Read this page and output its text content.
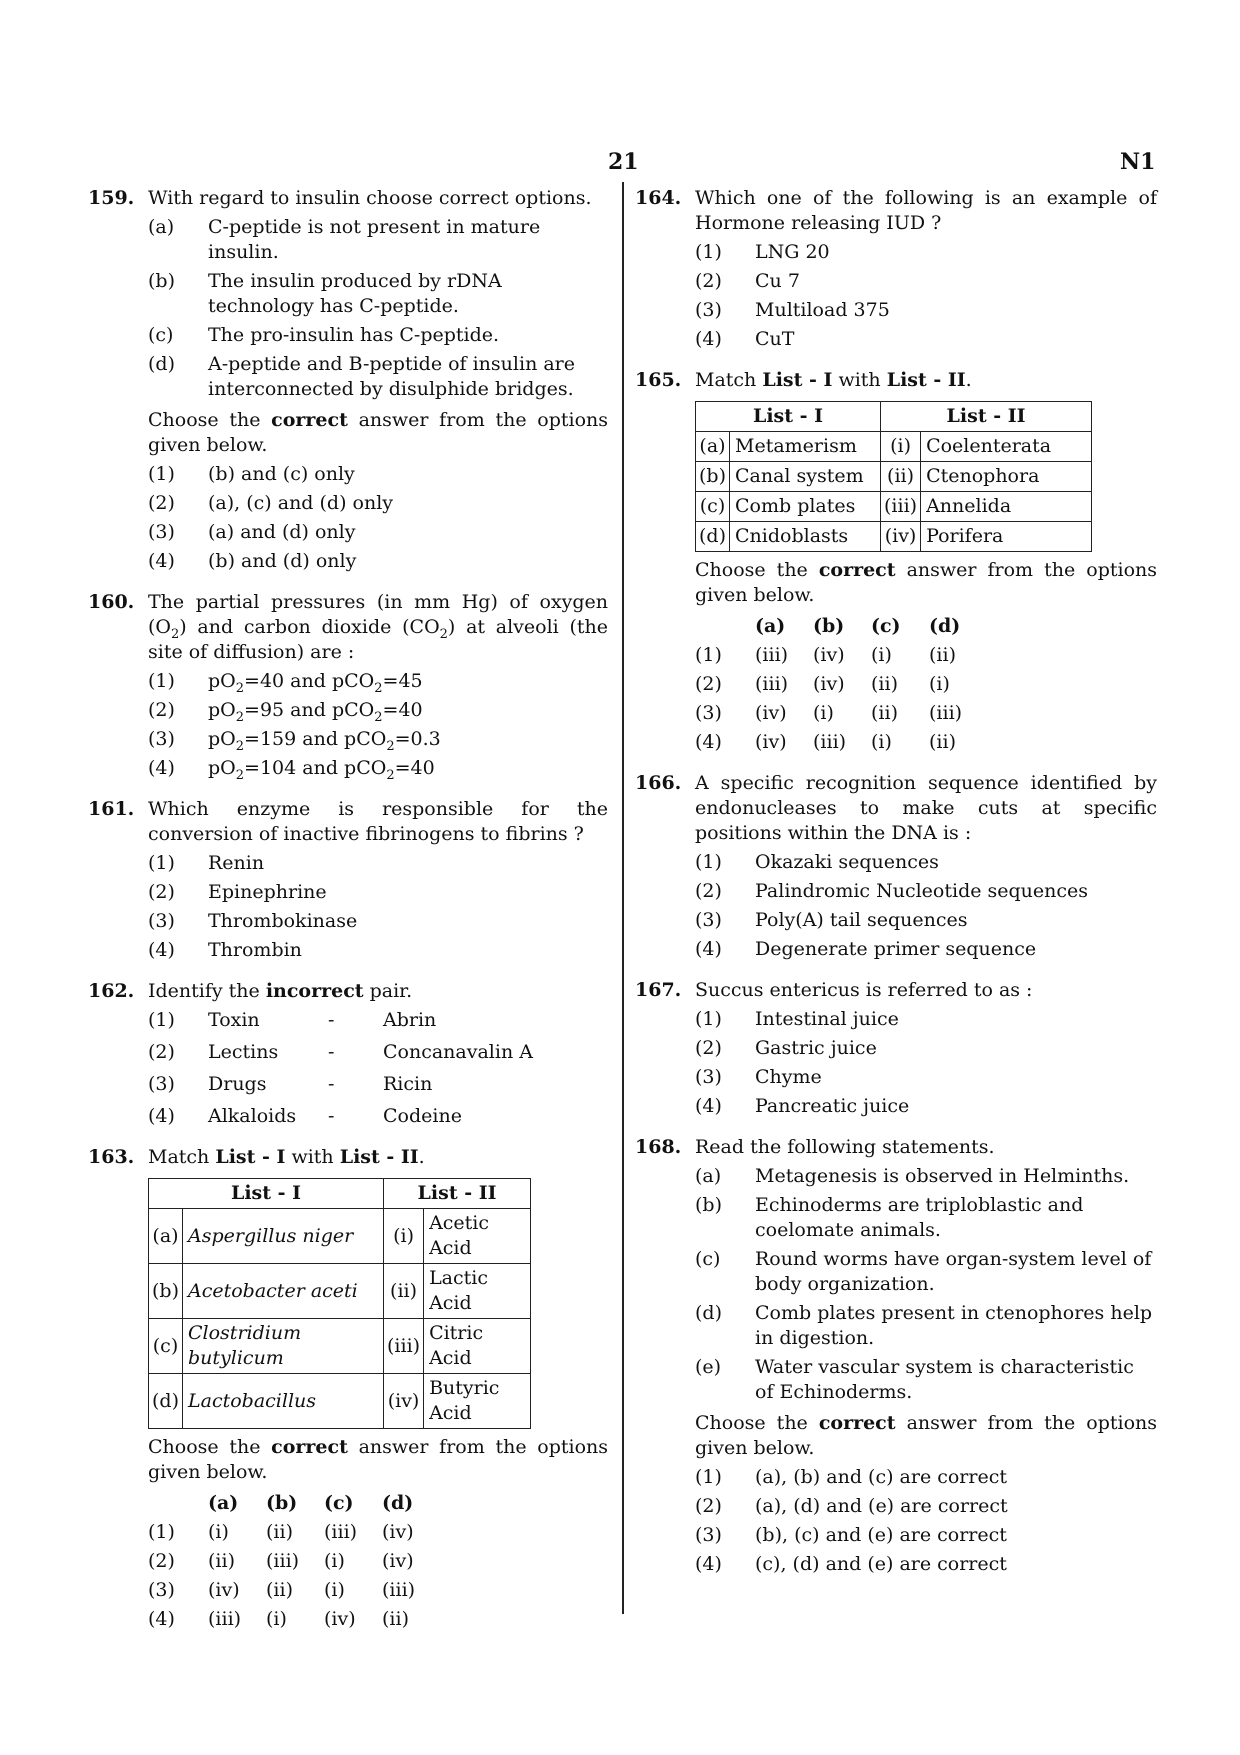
21	N1
159. With regard to insulin choose correct options.
(a) C-peptide is not present in mature insulin.
(b) The insulin produced by rDNA technology has C-peptide.
(c) The pro-insulin has C-peptide.
(d) A-peptide and B-peptide of insulin are interconnected by disulphide bridges.
Choose the correct answer from the options given below.
(1) (b) and (c) only
(2) (a), (c) and (d) only
(3) (a) and (d) only
(4) (b) and (d) only
160. The partial pressures (in mm Hg) of oxygen $(O_2)$ and carbon dioxide $(CO_2)$ at alveoli (the site of diffusion) are :
(1) $pO_2=40$ and pCO$_2$=45
(2) $pO_2=95$ and pCO$_2$=40
(3) $pO_2=159$ and pCO$_2$=0.3
(4) $pO_2=104$ and pCO$_2$=40
161. Which enzyme is responsible for the conversion of inactive fibrinogens to fibrins ?
(1) Renin
(2) Epinephrine
(3) Thrombokinase
(4) Thrombin
162. Identify the incorrect pair.
(1)	Toxin	-	Abrin
(2)	Lectins	-	Concanavalin A
(3)	Drugs	-	Ricin
(4)	Alkaloids	-	Codeine
163. Match List - I with List - II.
List - I		List - II	
(a)	Aspergillus niger	(i)	Acetic Acid
(b)	Acetobacter aceti	(ii)	Lactic Acid
(c)	Clostridium butylicum	(iii)	Citric Acid
(d)	Lactobacillus	(iv)	Butyric Acid
Choose the correct answer from the options given below.
(a)	(b)	(c)	(d)
(1)	(i)	(ii)	(iii)	(iv)
(2)	(ii)	(iii)	(i)	(iv)
(3)	(iv)	(ii)	(i)	(iii)
(4)	(iii)	(i)	(iv)	(ii)
164. Which one of the following is an example of Hormone releasing IUD ?
(1) LNG 20
(2) Cu 7
(3) Multiload 375
(4) CuT
165. Match List - I with List - II.
List - I		List - II	
(a)	Metamerism	(i)	Coelenterata
(b)	Canal system	(ii)	Ctenophora
(c)	Comb plates	(iii)	Annelida
(d)	Cnidoblasts	(iv)	Porifera
Choose the correct answer from the options given below.
(a)	(b)	(c)	(d)
(1)	(iii)	(iv)	(i)	(ii)
(2)	(iii)	(iv)	(ii)	(i)
(3)	(iv)	(i)	(ii)	(iii)
(4)	(iv)	(iii)	(i)	(ii)
166. A specific recognition sequence identified by endonucleases to make cuts at specific positions within the DNA is :
(1) Okazaki sequences
(2) Palindromic Nucleotide sequences
(3) Poly(A) tail sequences
(4) Degenerate primer sequence
167. Succus entericus is referred to as :
(1) Intestinal juice
(2) Gastric juice
(3) Chyme
(4) Pancreatic juice
168. Read the following statements.
(a) Metagenesis is observed in Helminths.
(b) Echinoderms are triploblastic and coelomate animals.
(c) Round worms have organ-system level of body organization.
(d) Comb plates present in ctenophores help in digestion.
(e) Water vascular system is characteristic of Echinoderms.
Choose the correct answer from the options given below.
(1) (a), (b) and (c) are correct
(2) (a), (d) and (e) are correct
(3) (b), (c) and (e) are correct
(4) (c), (d) and (e) are correct
